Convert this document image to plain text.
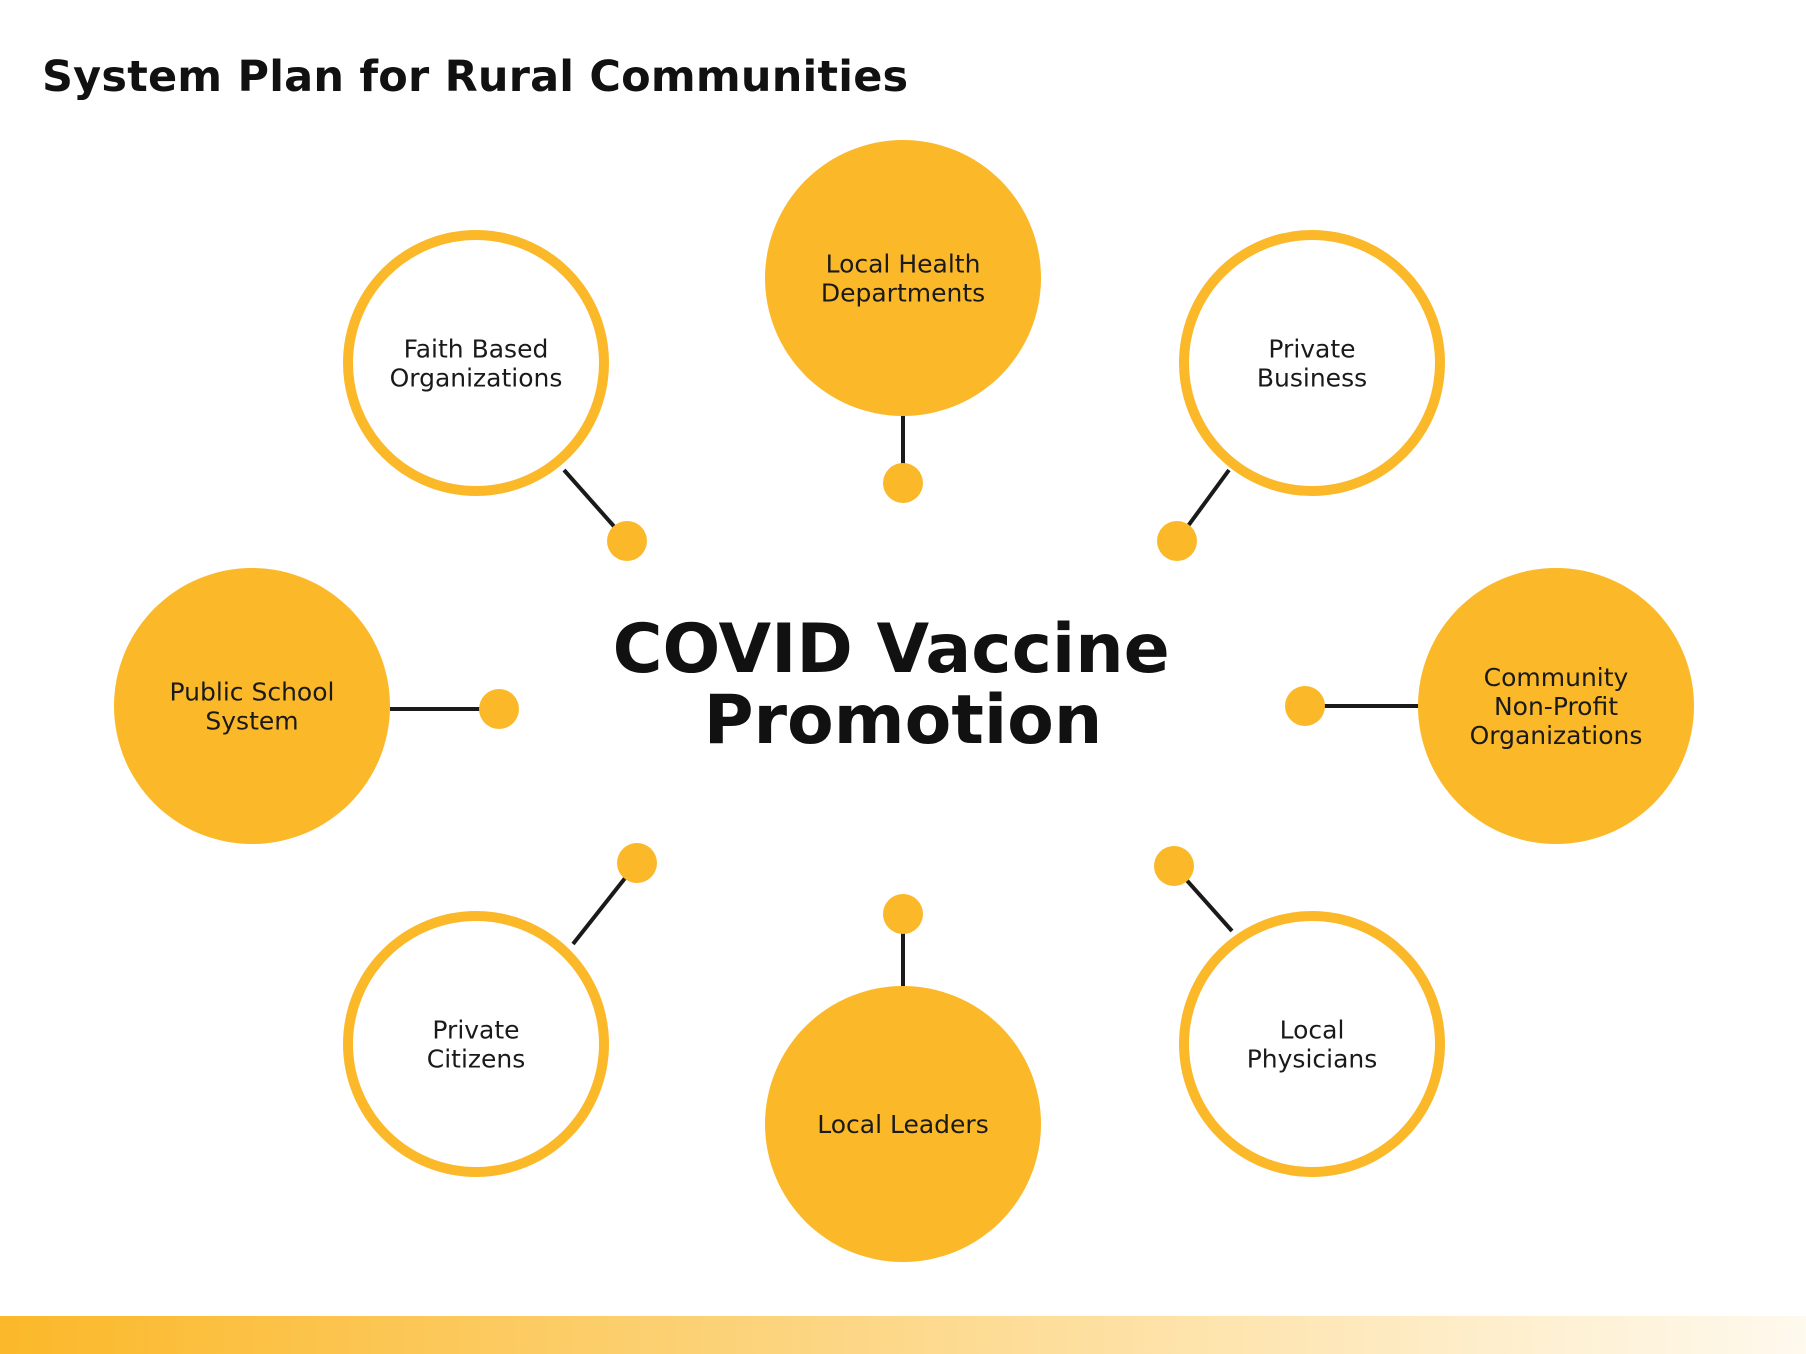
System Plan for Rural Communities
Local Health Departments
Private Business
Community Non-Profit Organizations
Local Physicians
Local Leaders
Private Citizens
Public School System
Faith Based Organizations
COVID Vaccine Promotion
